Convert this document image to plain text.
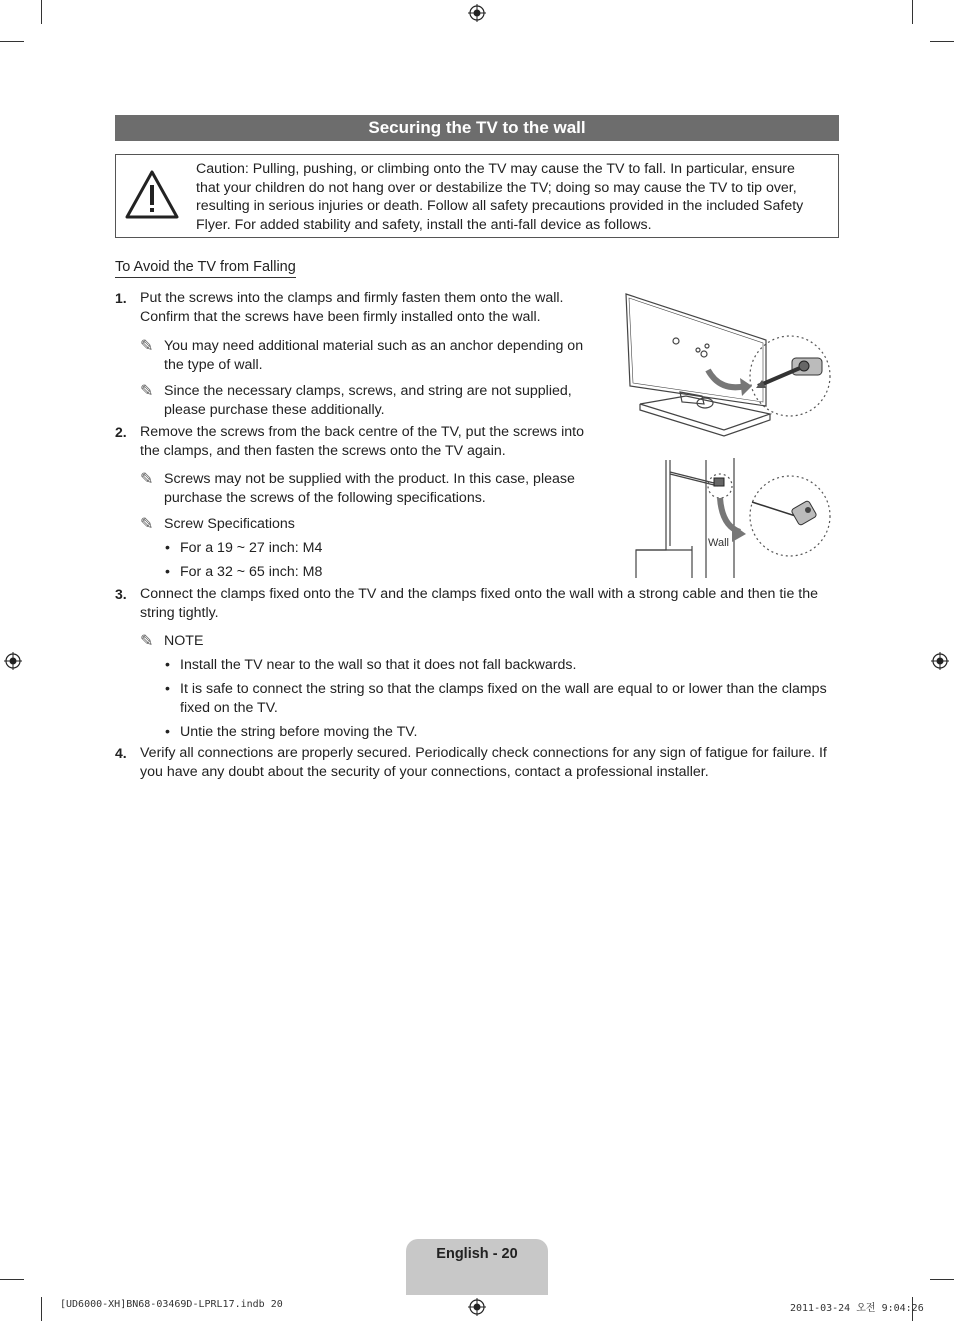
Securing the TV to the wall
Caution: Pulling, pushing, or climbing onto the TV may cause the TV to fall. In particular, ensure that your children do not hang over or destabilize the TV; doing so may cause the TV to tip over, resulting in serious injuries or death. Follow all safety precautions provided in the included Safety Flyer. For added stability and safety, install the anti-fall device as follows.
To Avoid the TV from Falling
1. Put the screws into the clamps and firmly fasten them onto the wall. Confirm that the screws have been firmly installed onto the wall.
✎ You may need additional material such as an anchor depending on the type of wall.
✎ Since the necessary clamps, screws, and string are not supplied, please purchase these additionally.
2. Remove the screws from the back centre of the TV, put the screws into the clamps, and then fasten the screws onto the TV again.
✎ Screws may not be supplied with the product. In this case, please purchase the screws of the following specifications.
✎ Screw Specifications
• For a 19 ~ 27 inch: M4
• For a 32 ~ 65 inch: M8
3. Connect the clamps fixed onto the TV and the clamps fixed onto the wall with a strong cable and then tie the string tightly.
✎ NOTE
• Install the TV near to the wall so that it does not fall backwards.
• It is safe to connect the string so that the clamps fixed on the wall are equal to or lower than the clamps fixed on the TV.
• Untie the string before moving the TV.
4. Verify all connections are properly secured. Periodically check connections for any sign of fatigue for failure. If you have any doubt about the security of your connections, contact a professional installer.
Wall
English - 20
[UD6000-XH]BN68-03469D-LPRL17.indb 20	2011-03-24 오전 9:04:26
